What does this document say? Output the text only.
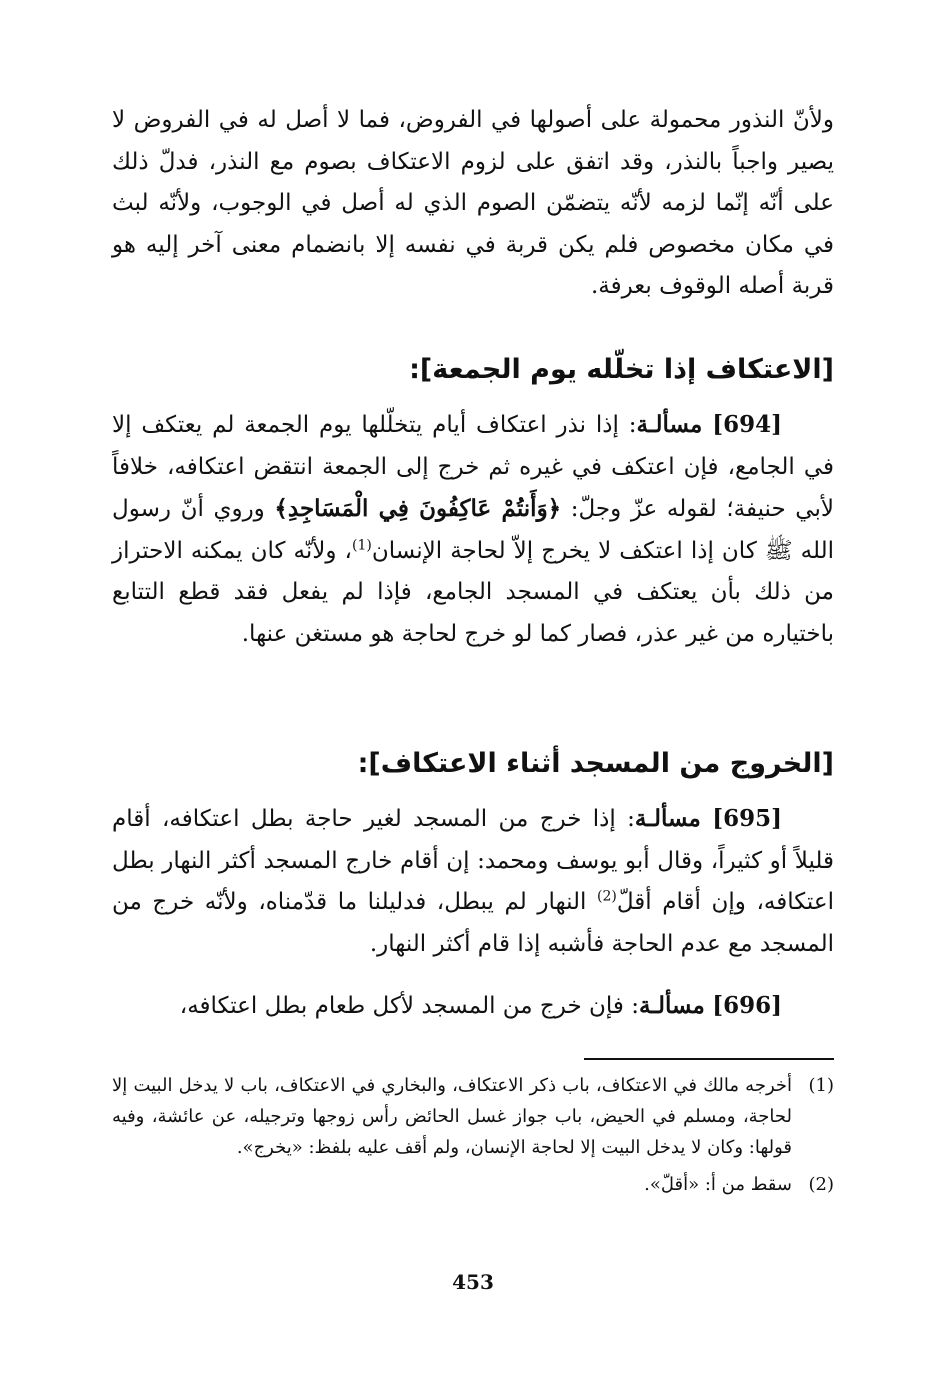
ولأنّ النذور محمولة على أصولها في الفروض، فما لا أصل له في الفروض لا يصير واجباً بالنذر، وقد اتفق على لزوم الاعتكاف بصوم مع النذر، فدلّ ذلك على أنّه إنّما لزمه لأنّه يتضمّن الصوم الذي له أصل في الوجوب، ولأنّه لبث في مكان مخصوص فلم يكن قربة في نفسه إلا بانضمام معنى آخر إليه هو قربة أصله الوقوف بعرفة.

[الاعتكاف إذا تخلّله يوم الجمعة]:

[694] مسألـة: إذا نذر اعتكاف أيام يتخلّلها يوم الجمعة لم يعتكف إلا في الجامع، فإن اعتكف في غيره ثم خرج إلى الجمعة انتقض اعتكافه، خلافاً لأبي حنيفة؛ لقوله عزّ وجلّ: ﴿وَأَنتُمْ عَاكِفُونَ فِي الْمَسَاجِدِ﴾ وروي أنّ رسول الله ﷺ كان إذا اعتكف لا يخرج إلاّ لحاجة الإنسان$^{(1)}$، ولأنّه كان يمكنه الاحتراز من ذلك بأن يعتكف في المسجد الجامع، فإذا لم يفعل فقد قطع التتابع باختياره من غير عذر، فصار كما لو خرج لحاجة هو مستغن عنها.

[الخروج من المسجد أثناء الاعتكاف]:

[695] مسألـة: إذا خرج من المسجد لغير حاجة بطل اعتكافه، أقام قليلاً أو كثيراً، وقال أبو يوسف ومحمد: إن أقام خارج المسجد أكثر النهار بطل اعتكافه، وإن أقام أقلّ$^{(2)}$ النهار لم يبطل، فدليلنا ما قدّمناه، ولأنّه خرج من المسجد مع عدم الحاجة فأشبه إذا قام أكثر النهار.

[696] مسألـة: فإن خرج من المسجد لأكل طعام بطل اعتكافه،

(1)
أخرجه مالك في الاعتكاف، باب ذكر الاعتكاف، والبخاري في الاعتكاف، باب لا يدخل البيت إلا لحاجة، ومسلم في الحيض، باب جواز غسل الحائض رأس زوجها وترجيله، عن عائشة، وفيه قولها: وكان لا يدخل البيت إلا لحاجة الإنسان، ولم أقف عليه بلفظ: «يخرج».
(2)
سقط من أ: «أقلّ».
453
